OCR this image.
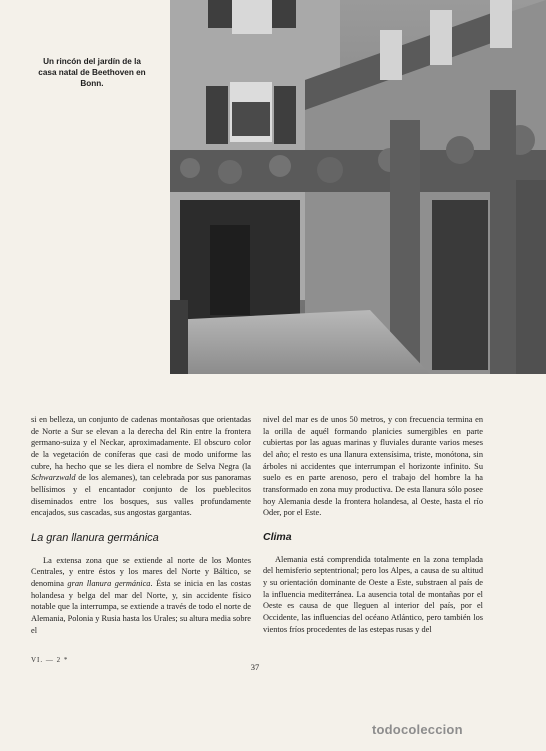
Un rincón del jardín de la
casa natal de Beethoven en
Bonn.

si en belleza, un conjunto de cadenas montañosas que orientadas de Norte a Sur se elevan a la derecha del Rin entre la frontera germano-suiza y el Neckar, aproximadamente. El obscuro color de la vegetación de coníferas que casi de modo uniforme las cubre, ha hecho que se les diera el nombre de Selva Negra (la Schwarzwald de los alemanes), tan celebrada por sus panoramas bellísimos y el encantador conjunto de los pueblecitos diseminados entre los bosques, sus valles profundamente encajados, sus cascadas, sus angostas gargantas.

La gran llanura germánica

La extensa zona que se extiende al norte de los Montes Centrales, y entre éstos y los mares del Norte y Báltico, se denomina gran llanura germánica. Ésta se inicia en las costas holandesa y belga del mar del Norte, y, sin accidente físico notable que la interrumpa, se extiende a través de todo el norte de Alemania, Polonia y Rusia hasta los Urales; su altura media sobre el

nivel del mar es de unos 50 metros, y con frecuencia termina en la orilla de aquél formando planicies sumergibles en parte cubiertas por las aguas marinas y fluviales durante varios meses del año; el resto es una llanura extensísima, triste, monótona, sin árboles ni accidentes que interrumpan el horizonte infinito. Su suelo es en parte arenoso, pero el trabajo del hombre la ha transformado en zona muy productiva. De esta llanura sólo posee hoy Alemania desde la frontera holandesa, al Oeste, hasta el río Oder, por el Este.

Clima

Alemania está comprendida totalmente en la zona templada del hemisferio septentrional; pero los Alpes, a causa de su altitud y su orientación dominante de Oeste a Este, substraen al país de la influencia mediterránea. La ausencia total de montañas por el Oeste es causa de que lleguen al interior del país, por el Occidente, las influencias del océano Atlántico, pero también los vientos fríos procedentes de las estepas rusas y del

VI. — 2 *
37
todocoleccion
